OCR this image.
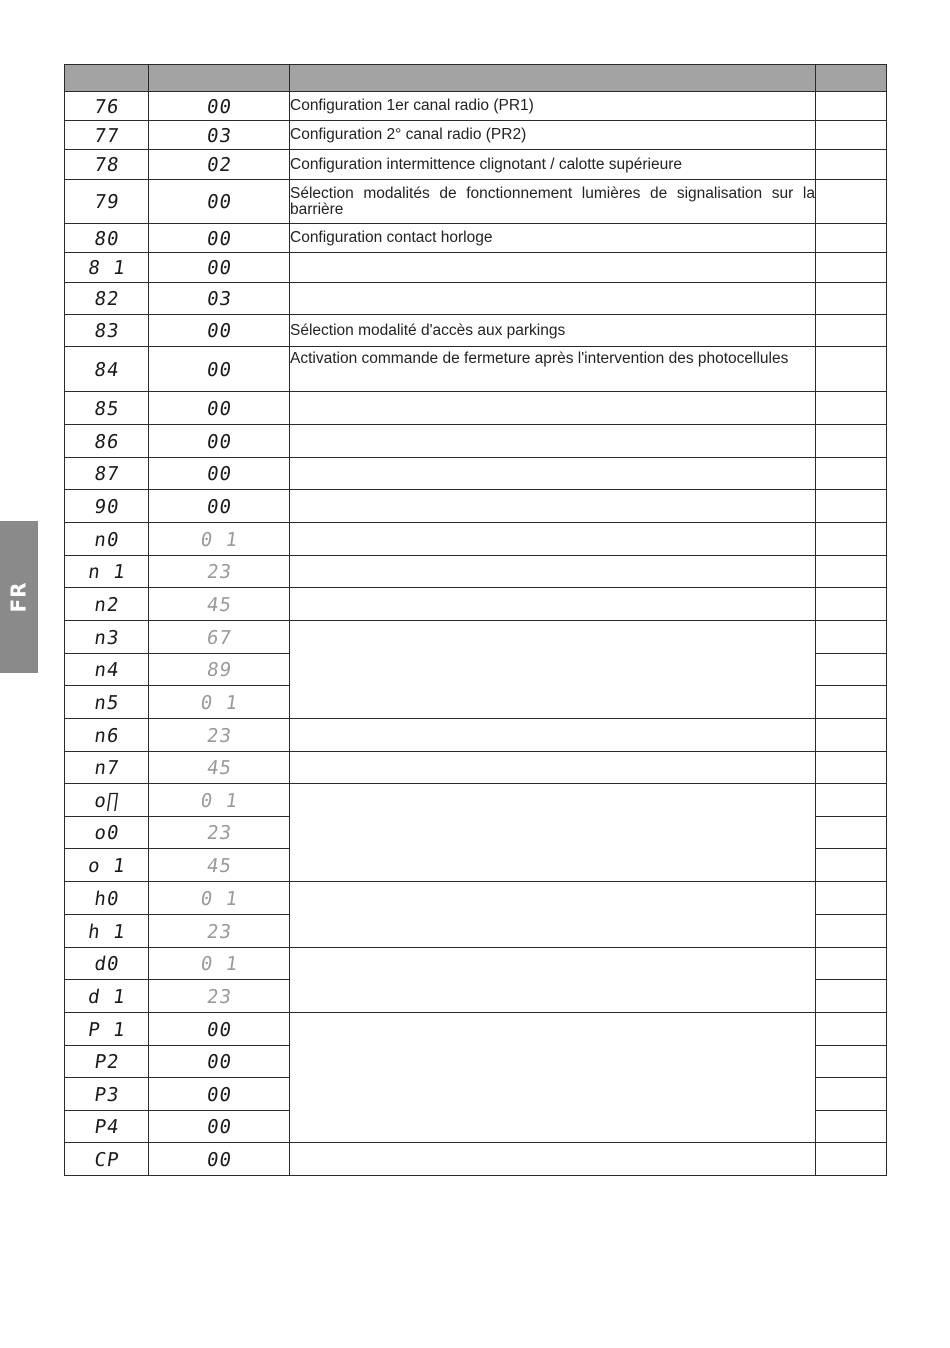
FR

76	00	Configuration 1er canal radio (PR1)	
77	03	Configuration 2° canal radio (PR2)	
78	02	Configuration intermittence clignotant / calotte supérieure	
79	00	Sélection modalités de fonctionnement lumières de signalisation sur la barrière	
80	00	Configuration contact horloge	
8 1	00		
82	03		
83	00	Sélection modalité d'accès aux parkings	
84	00	Activation commande de fermeture après l'intervention des photocellules	
85	00		
86	00		
87	00		
90	00		
n0	0 1		
n 1	23		
n2	45		
n3	67		
n4	89		
n5	0 1		
n6	23		
n7	45		
o∏	0 1		
o0	23		
o 1	45		
h0	0 1		
h 1	23		
d0	0 1		
d 1	23		
P 1	00		
P2	00		
P3	00		
P4	00		
CP	00		
